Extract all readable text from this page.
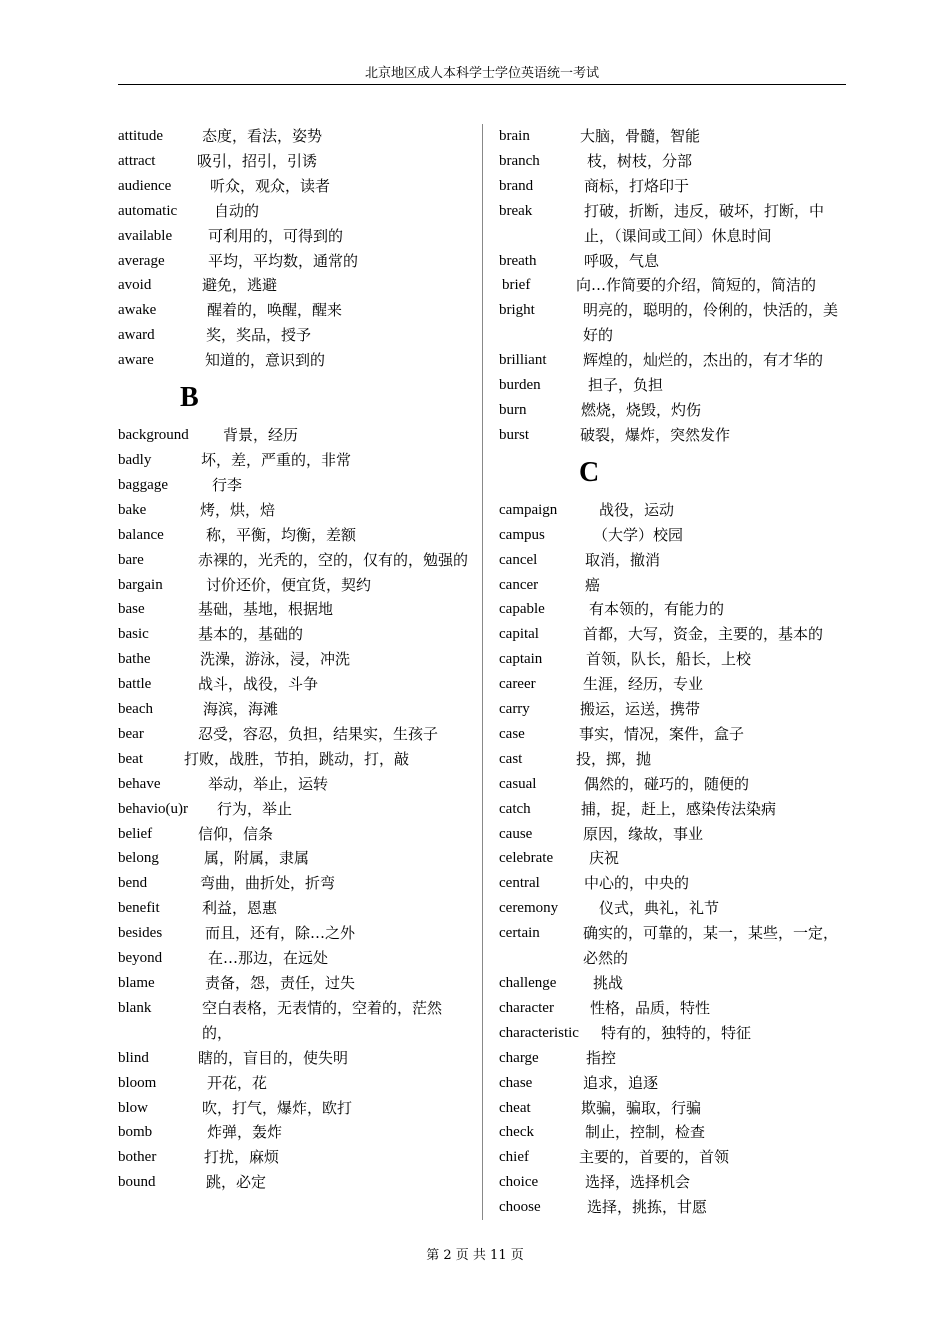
北京地区成人本科学士学位英语统一考试
attitude	态度，看法，姿势
attract	吸引，招引，引诱
audience	听众，观众，读者
automatic	自动的
available	可利用的，可得到的
average	平均，平均数，通常的
avoid	避免，逃避
awake	醒着的，唤醒，醒来
award	奖，奖品，授予
aware	知道的，意识到的
B
background	背景，经历
badly	坏，差，严重的，非常
baggage	行李
bake	烤，烘，焙
balance	称，平衡，均衡，差额
bare	赤裸的，光秃的，空的，仅有的，勉强的
bargain	讨价还价，便宜货，契约
base	基础，基地，根据地
basic	基本的，基础的
bathe	洗澡，游泳，浸，冲洗
battle	战斗，战役，斗争
beach	海滨，海滩
bear	忍受，容忍，负担，结果实，生孩子
beat	打败，战胜，节拍，跳动，打，敲
behave	举动，举止，运转
behavio(u)r	行为，举止
belief	信仰，信条
belong	属，附属，隶属
bend	弯曲，曲折处，折弯
benefit	利益，恩惠
besides	而且，还有，除…之外
beyond	在…那边，在远处
blame	责备，怨，责任，过失
blank	空白表格，无表情的，空着的，茫然的，
blind	瞎的，盲目的，使失明
bloom	开花，花
blow	吹，打气，爆炸，欧打
bomb	炸弹，轰炸
bother	打扰，麻烦
bound	跳，必定
brain	大脑，骨髓，智能
branch	枝，树枝，分部
brand	商标，打烙印于
break	打破，折断，违反，破坏，打断，中止，（课间或工间）休息时间
breath	呼吸，气息
brief	向…作简要的介绍，简短的，简洁的
bright	明亮的，聪明的，伶俐的，快活的，美好的
brilliant	辉煌的，灿烂的，杰出的，有才华的
burden	担子，负担
burn	燃烧，烧毁，灼伤
burst	破裂，爆炸，突然发作
C
campaign	战役，运动
campus	（大学）校园
cancel	取消，撤消
cancer	癌
capable	有本领的，有能力的
capital	首都，大写，资金，主要的，基本的
captain	首领，队长，船长，上校
career	生涯，经历，专业
carry	搬运，运送，携带
case	事实，情况，案件，盒子
cast	投，掷，抛
casual	偶然的，碰巧的，随便的
catch	捕，捉，赶上，感染传法染病
cause	原因，缘故，事业
celebrate	庆祝
central	中心的，中央的
ceremony	仪式，典礼，礼节
certain	确实的，可靠的，某一，某些，一定，必然的
challenge	挑战
character	性格，品质，特性
characteristic	特有的，独特的，特征
charge	指控
chase	追求，追逐
cheat	欺骗，骗取，行骗
check	制止，控制，检查
chief	主要的，首要的，首领
choice	选择，选择机会
choose	选择，挑拣，甘愿
第 2 页 共 11 页
